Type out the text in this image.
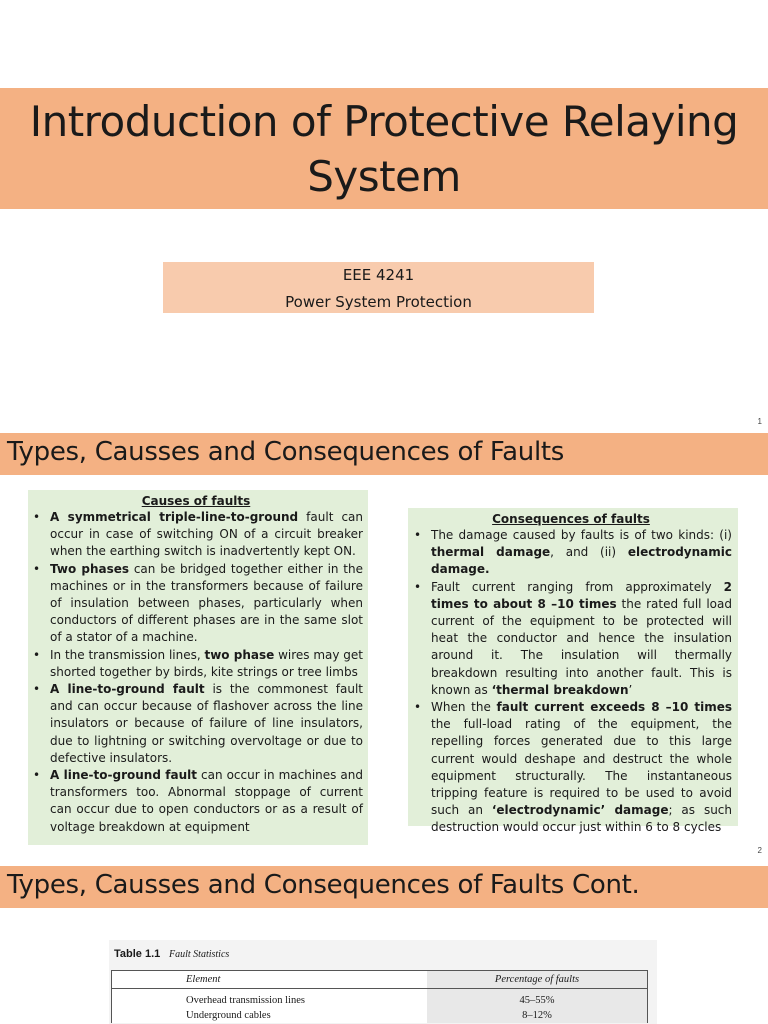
Introduction of Protective Relaying
System
EEE 4241
Power System Protection
1
Types, Causses and Consequences of Faults
Causes of faults
• A symmetrical triple-line-to-ground fault can occur in case of switching ON of a circuit breaker when the earthing switch is inadvertently kept ON.
• Two phases can be bridged together either in the machines or in the transformers because of failure of insulation between phases, particularly when conductors of different phases are in the same slot of a stator of a machine.
• In the transmission lines, two phase wires may get shorted together by birds, kite strings or tree limbs
• A line-to-ground fault is the commonest fault and can occur because of flashover across the line insulators or because of failure of line insulators, due to lightning or switching overvoltage or due to defective insulators.
• A line-to-ground fault can occur in machines and transformers too. Abnormal stoppage of current can occur due to open conductors or as a result of voltage breakdown at equipment
Consequences of faults
• The damage caused by faults is of two kinds: (i) thermal damage, and (ii) electrodynamic damage.
• Fault current ranging from approximately 2 times to about 8 –10 times the rated full load current of the equipment to be protected will heat the conductor and hence the insulation around it. The insulation will thermally breakdown resulting into another fault. This is known as ‘thermal breakdown’
• When the fault current exceeds 8 –10 times the full-load rating of the equipment, the repelling forces generated due to this large current would deshape and destruct the whole equipment structurally. The instantaneous tripping feature is required to be used to avoid such an ‘electrodynamic’ damage; as such destruction would occur just within 6 to 8 cycles
2
Types, Causses and Consequences of Faults Cont.
Table 1.1 Fault Statistics
Element	Percentage of faults

Overhead transmission lines	45–55%
Underground cables	8–12%
